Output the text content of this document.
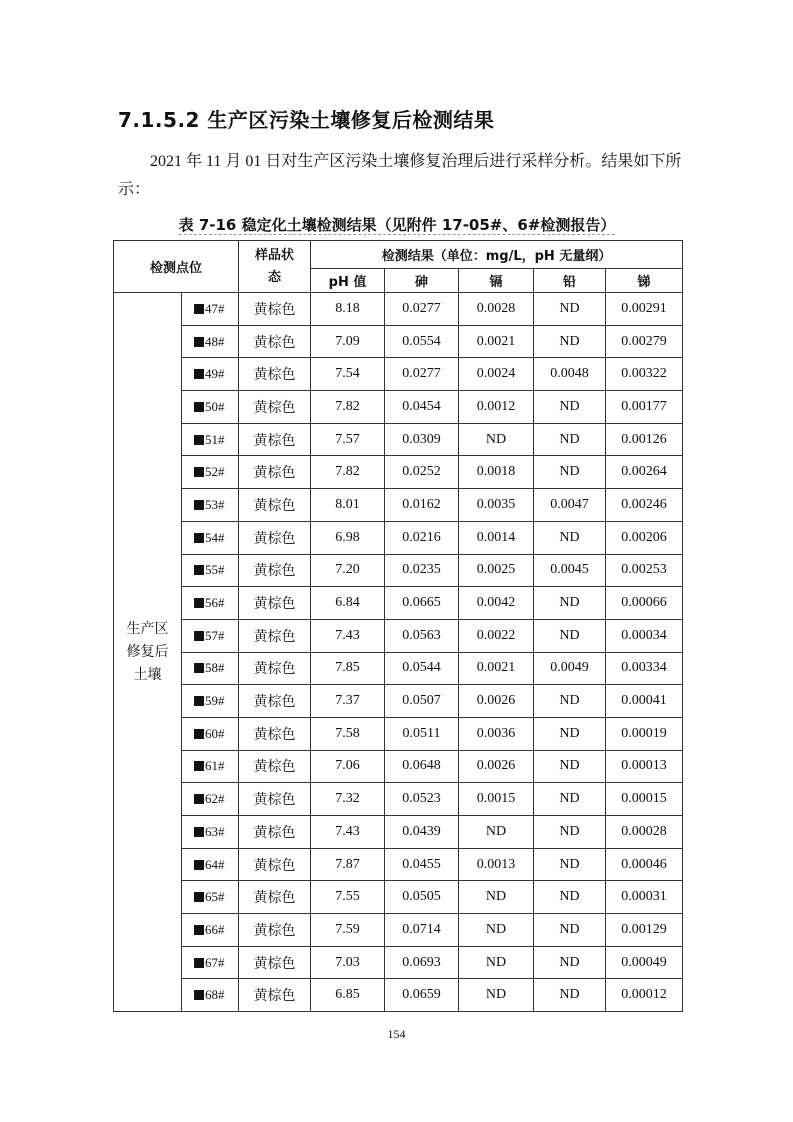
7.1.5.2 生产区污染土壤修复后检测结果
2021 年 11 月 01 日对生产区污染土壤修复治理后进行采样分析。结果如下所示：
表 7-16 稳定化土壤检测结果（见附件 17-05#、6#检测报告）
检测点位		样品状态	检测结果（单位：mg/L，pH 无量纲）				
			pH 值	砷	镉	铅	锑
生产区修复后土壤	47#	黄棕色	8.18	0.0277	0.0028	ND	0.00291
	48#	黄棕色	7.09	0.0554	0.0021	ND	0.00279
	49#	黄棕色	7.54	0.0277	0.0024	0.0048	0.00322
	50#	黄棕色	7.82	0.0454	0.0012	ND	0.00177
	51#	黄棕色	7.57	0.0309	ND	ND	0.00126
	52#	黄棕色	7.82	0.0252	0.0018	ND	0.00264
	53#	黄棕色	8.01	0.0162	0.0035	0.0047	0.00246
	54#	黄棕色	6.98	0.0216	0.0014	ND	0.00206
	55#	黄棕色	7.20	0.0235	0.0025	0.0045	0.00253
	56#	黄棕色	6.84	0.0665	0.0042	ND	0.00066
	57#	黄棕色	7.43	0.0563	0.0022	ND	0.00034
	58#	黄棕色	7.85	0.0544	0.0021	0.0049	0.00334
	59#	黄棕色	7.37	0.0507	0.0026	ND	0.00041
	60#	黄棕色	7.58	0.0511	0.0036	ND	0.00019
	61#	黄棕色	7.06	0.0648	0.0026	ND	0.00013
	62#	黄棕色	7.32	0.0523	0.0015	ND	0.00015
	63#	黄棕色	7.43	0.0439	ND	ND	0.00028
	64#	黄棕色	7.87	0.0455	0.0013	ND	0.00046
	65#	黄棕色	7.55	0.0505	ND	ND	0.00031
	66#	黄棕色	7.59	0.0714	ND	ND	0.00129
	67#	黄棕色	7.03	0.0693	ND	ND	0.00049
	68#	黄棕色	6.85	0.0659	ND	ND	0.00012
154
